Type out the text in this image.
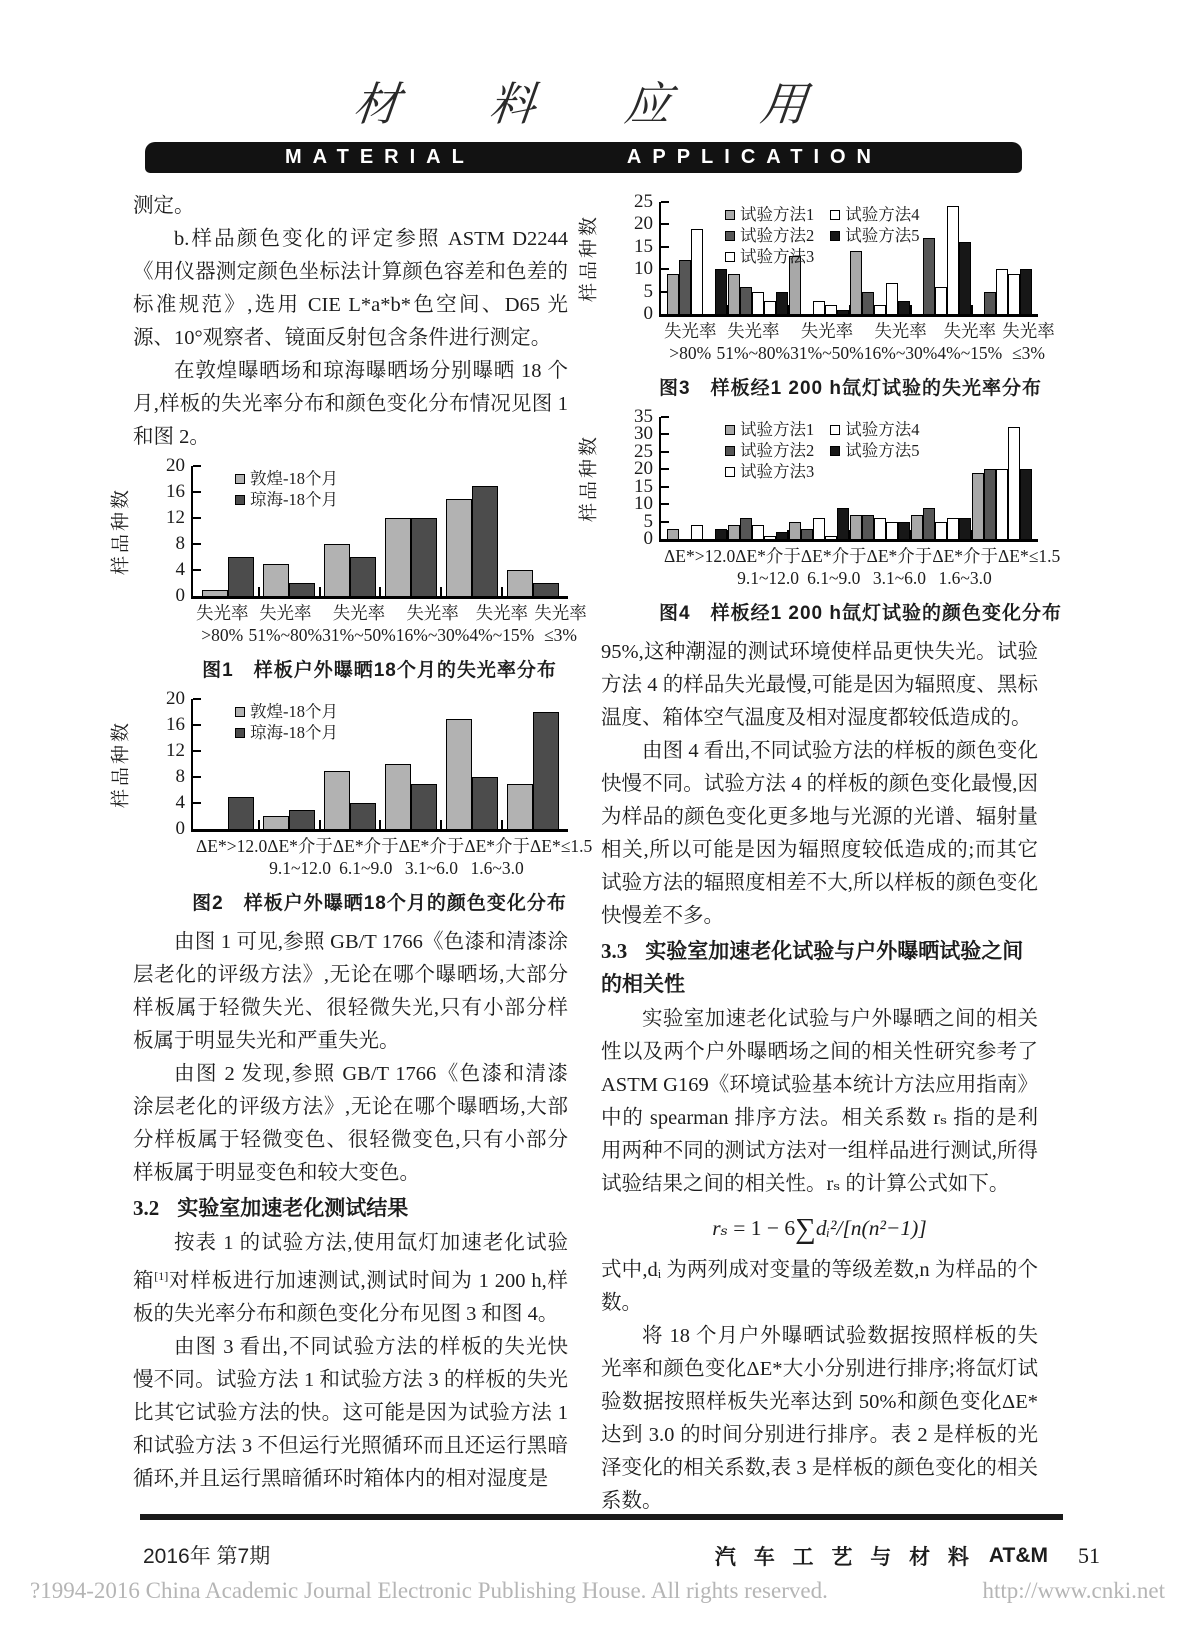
材 料 应 用
MATERIAL	APPLICATION

测定。

b.样品颜色变化的评定参照 ASTM D2244《用仪器测定颜色坐标法计算颜色容差和色差的标准规范》,选用 CIE L*a*b*色空间、D65 光源、10°观察者、镜面反射包含条件进行测定。

在敦煌曝晒场和琼海曝晒场分别曝晒 18 个月,样板的失光率分布和颜色变化分布情况见图 1 和图 2。

样品种数
0
4
8
12
16
20
敦煌-18个月
琼海-18个月
失光率
>80%
失光率
51%~80%
失光率
31%~50%
失光率
16%~30%
失光率
4%~15%
失光率
≤3%
图1　样板户外曝晒18个月的失光率分布
样品种数
0
4
8
12
16
20
敦煌-18个月
琼海-18个月
ΔE*>12.0 ΔE*介于
9.1~12.0
ΔE*介于
6.1~9.0
ΔE*介于
3.1~6.0
ΔE*介于
1.6~3.0
ΔE*≤1.5
图2　样板户外曝晒18个月的颜色变化分布

由图 1 可见,参照 GB/T 1766《色漆和清漆涂层老化的评级方法》,无论在哪个曝晒场,大部分样板属于轻微失光、很轻微失光,只有小部分样板属于明显失光和严重失光。

由图 2 发现,参照 GB/T 1766《色漆和清漆 涂层老化的评级方法》,无论在哪个曝晒场,大部分样板属于轻微变色、很轻微变色,只有小部分样板属于明显变色和较大变色。

3.2 实验室加速老化测试结果

按表 1 的试验方法,使用氙灯加速老化试验箱[1]对样板进行加速测试,测试时间为 1 200 h,样板的失光率分布和颜色变化分布见图 3 和图 4。

由图 3 看出,不同试验方法的样板的失光快慢不同。试验方法 1 和试验方法 3 的样板的失光比其它试验方法的快。这可能是因为试验方法 1 和试验方法 3 不但运行光照循环而且还运行黑暗循环,并且运行黑暗循环时箱体内的相对湿度是

样品种数
0
5
10
15
20
25
试验方法1
试验方法2
试验方法3
试验方法4
试验方法5
失光率
>80%
失光率
51%~80%
失光率
31%~50%
失光率
16%~30%
失光率
4%~15%
失光率
≤3%
图3　样板经1 200 h氙灯试验的失光率分布
样品种数
0
5
10
15
20
25
30
35
试验方法1
试验方法2
试验方法3
试验方法4
试验方法5
ΔE*>12.0 ΔE*介于
9.1~12.0
ΔE*介于
6.1~9.0
ΔE*介于
3.1~6.0
ΔE*介于
1.6~3.0
ΔE*≤1.5
图4　样板经1 200 h氙灯试验的颜色变化分布

95%,这种潮湿的测试环境使样品更快失光。试验方法 4 的样品失光最慢,可能是因为辐照度、黑标温度、箱体空气温度及相对湿度都较低造成的。

由图 4 看出,不同试验方法的样板的颜色变化快慢不同。试验方法 4 的样板的颜色变化最慢,因为样品的颜色变化更多地与光源的光谱、辐射量相关,所以可能是因为辐照度较低造成的;而其它试验方法的辐照度相差不大,所以样板的颜色变化快慢差不多。

3.3 实验室加速老化试验与户外曝晒试验之间的相关性

实验室加速老化试验与户外曝晒之间的相关性以及两个户外曝晒场之间的相关性研究参考了 ASTM G169《环境试验基本统计方法应用指南》中的 spearman 排序方法。相关系数 rₛ 指的是利用两种不同的测试方法对一组样品进行测试,所得试验结果之间的相关性。rₛ 的计算公式如下。

rₛ = 1 − 6∑dᵢ²/[n(n²−1)]

式中,dᵢ 为两列成对变量的等级差数,n 为样品的个数。

将 18 个月户外曝晒试验数据按照样板的失光率和颜色变化ΔE*大小分别进行排序;将氙灯试验数据按照样板失光率达到 50%和颜色变化ΔE*达到 3.0 的时间分别进行排序。表 2 是样板的光泽变化的相关系数,表 3 是样板的颜色变化的相关系数。

2016年 第7期	汽 车 工 艺 与 材 料 AT&M 51
?1994-2016 China Academic Journal Electronic Publishing House. All rights reserved.	http://www.cnki.net
